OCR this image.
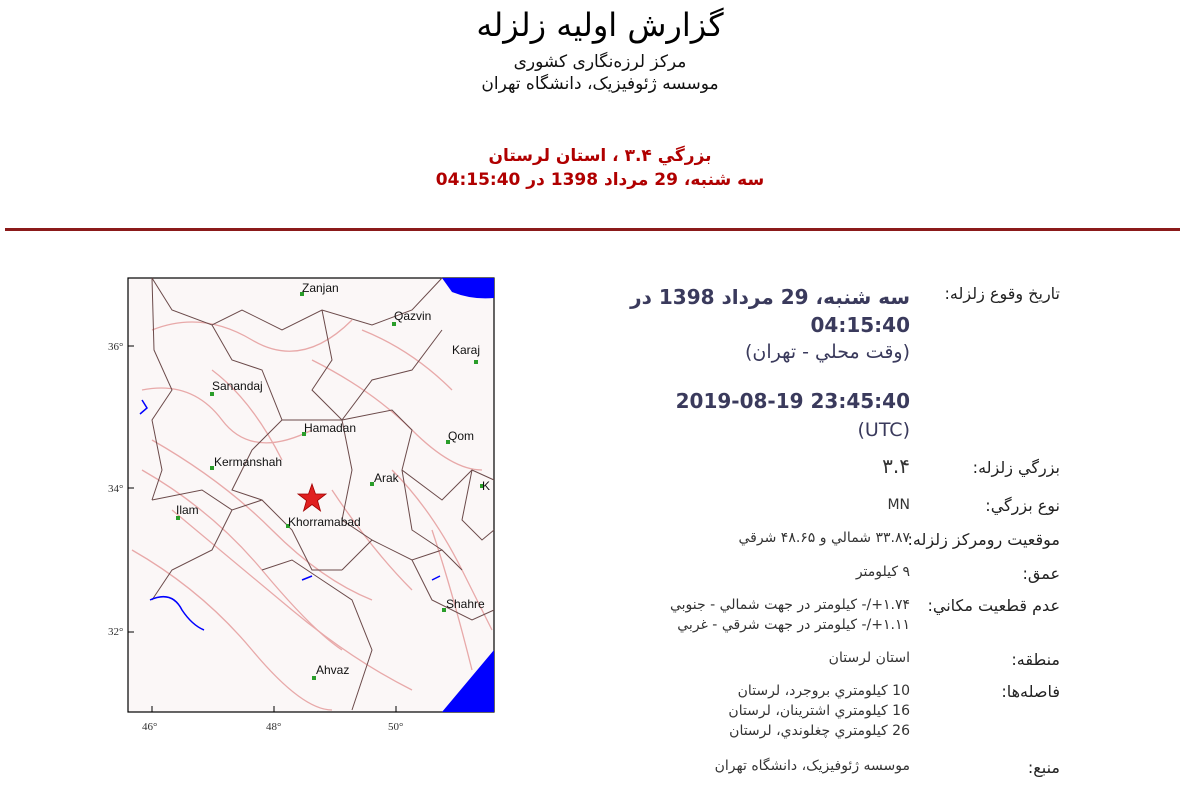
گزارش اولیه زلزله
مرکز لرزه‌نگاری کشوری
موسسه ژئوفیزیک، دانشگاه تهران
بزرگي ۳.۴ ، استان لرستان
سه شنبه، 29 مرداد 1398 در 04:15:40
Zanjan
Qazvin
Karaj
Sanandaj
Hamadan
Qom
Kermanshah
Arak
Ilam
Khorramabad
Shahre
Ahvaz
K
36°
34°
32°
46°	48°	50°
تاريخ وقوع زلزله:
سه شنبه، 29 مرداد 1398 در
04:15:40
(وقت محلي - تهران)
2019-08-19 23:45:40
(UTC)
بزرگي زلزله:
۳.۴
نوع بزرگي:
MN
موقعيت رومرکز زلزله:
۳۳.۸۷ شمالي و ۴۸.۶۵ شرقي
عمق:
۹ کيلومتر
عدم قطعيت مکاني:
۱.۷۴+/- کيلومتر در جهت شمالي - جنوبي
۱.۱۱+/- کيلومتر در جهت شرقي - غربي
منطقه:
استان لرستان
فاصله‌ها:
10 کيلومتري بروجرد، لرستان
16 کيلومتري اشترينان، لرستان
26 کيلومتري چغلوندي، لرستان
منبع:
موسسه ژئوفيزيک، دانشگاه تهران
